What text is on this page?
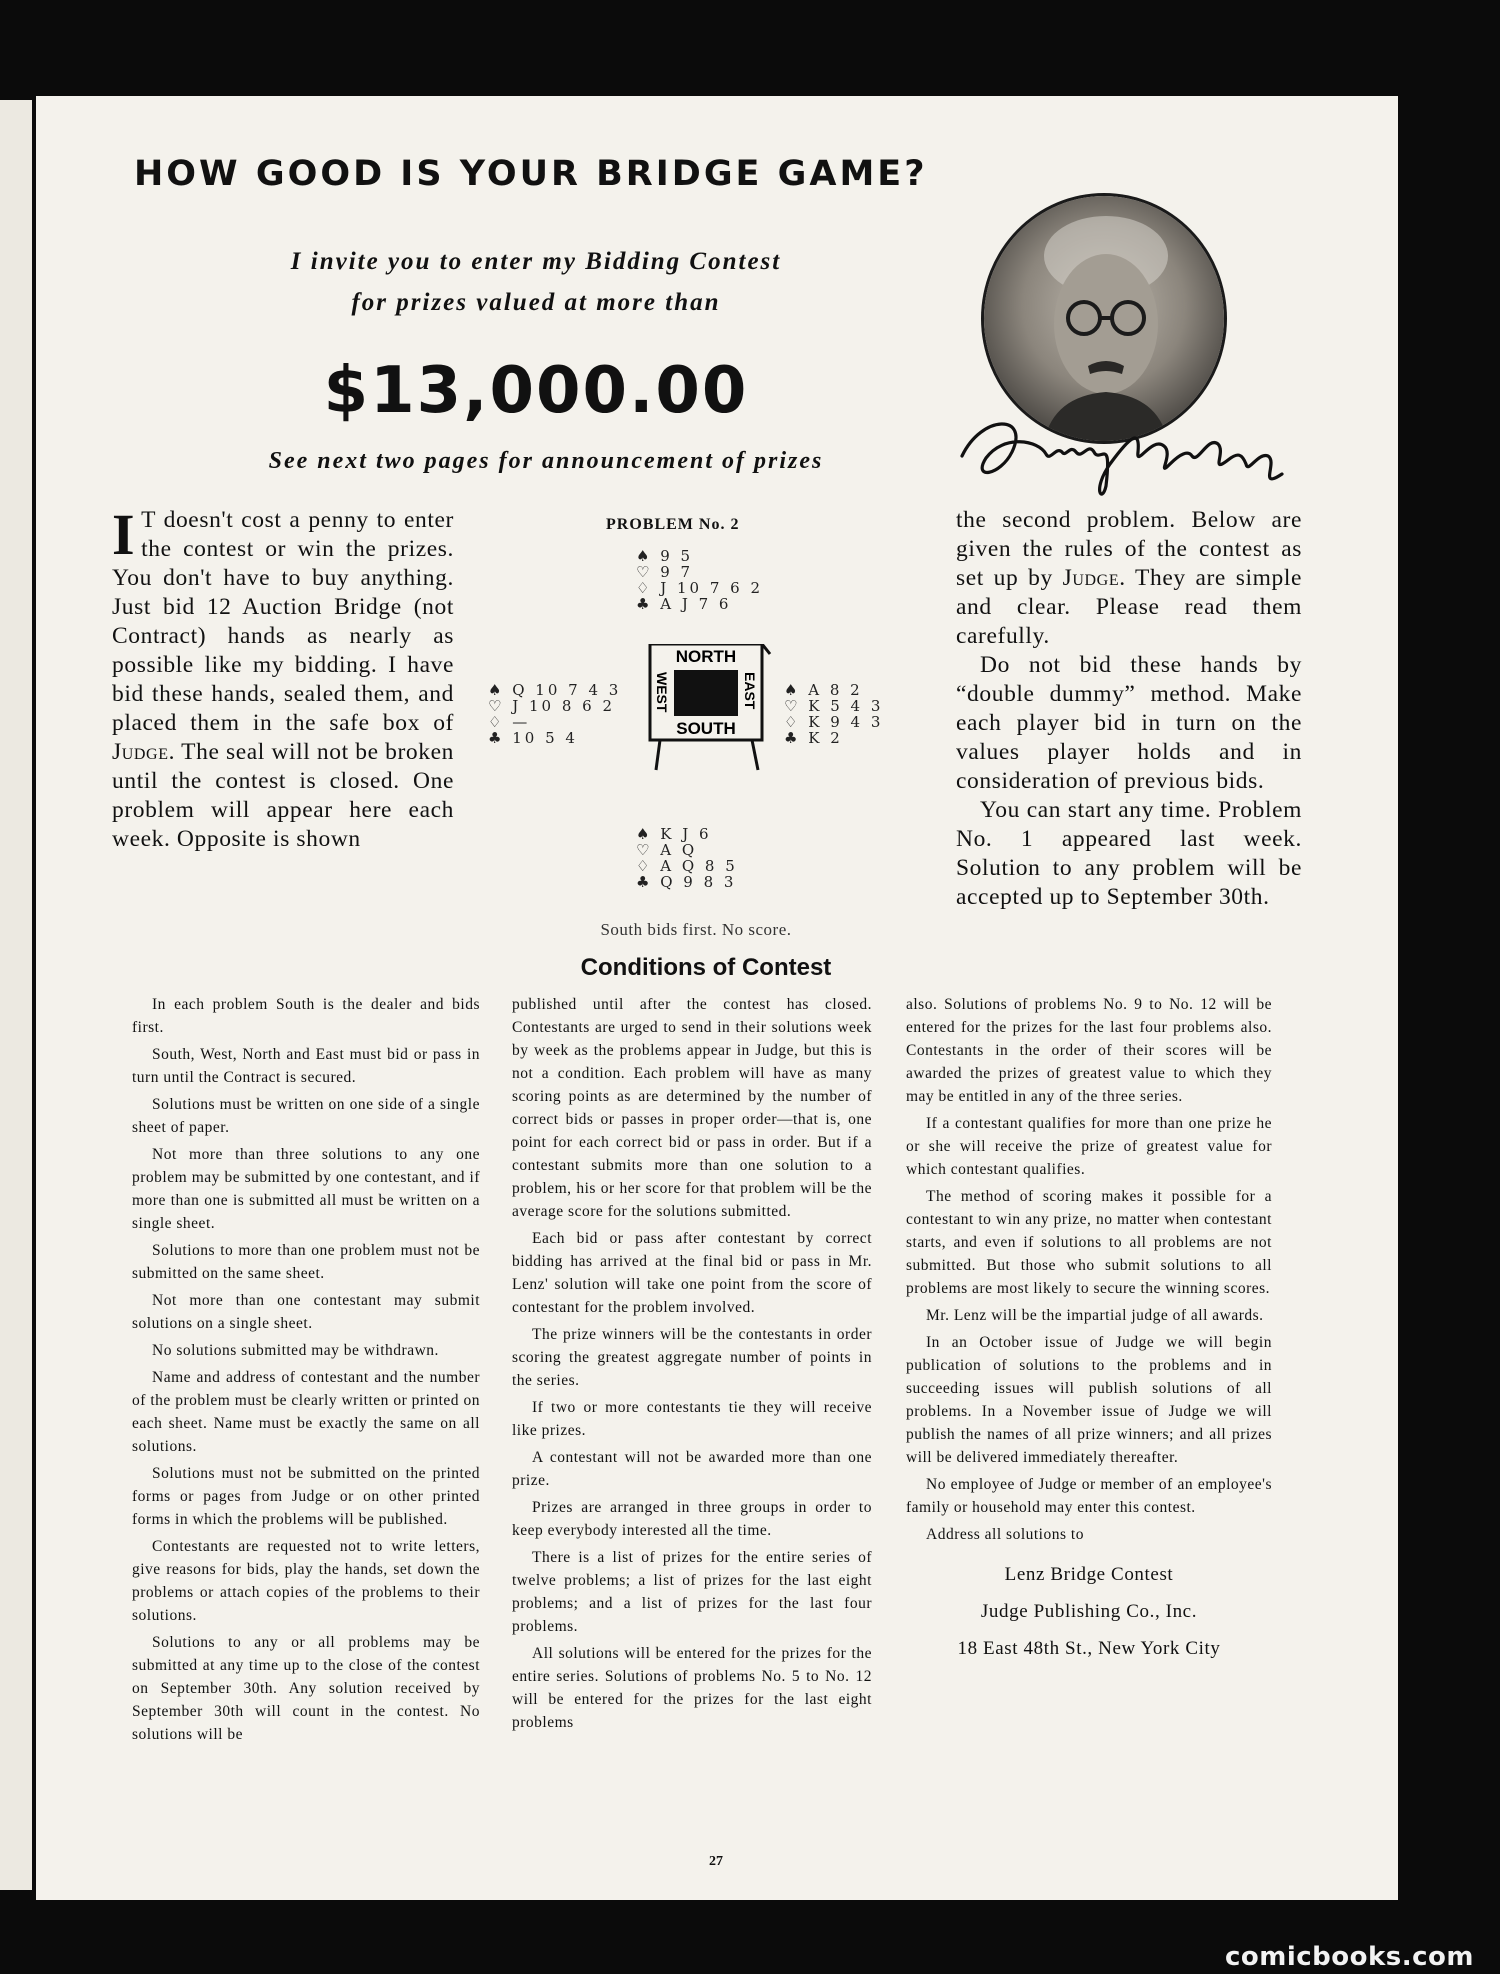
HOW GOOD IS YOUR BRIDGE GAME?
I invite you to enter my Bidding Contest
for prizes valued at more than
$13,000.00
See next two pages for announcement of prizes

I T doesn't cost a penny to enter the contest or win the prizes. You don't have to buy anything. Just bid 12 Auction Bridge (not Contract) hands as nearly as possible like my bidding. I have bid these hands, sealed them, and placed them in the safe box of Judge. The seal will not be broken until the contest is closed. One problem will appear here each week. Opposite is shown

PROBLEM No. 2
♠ 9 5
♡ 9 7
♢ J 10 7 6 2
♣ A J 7 6
♠ Q 10 7 4 3
♡ J 10 8 6 2
♢ —
♣ 10 5 4
♠ A 8 2
♡ K 5 4 3
♢ K 9 4 3
♣ K 2
NORTH
SOUTH
WEST	EAST
♠ K J 6
♡ A Q
♢ A Q 8 5
♣ Q 9 8 3
South bids first. No score.

the second problem. Below are given the rules of the contest as set up by Judge. They are simple and clear. Please read them carefully.

Do not bid these hands by “double dummy” method. Make each player bid in turn on the values player holds and in consideration of previous bids.

You can start any time. Problem No. 1 appeared last week. Solution to any problem will be accepted up to September 30th.

Conditions of Contest

In each problem South is the dealer and bids first.

South, West, North and East must bid or pass in turn until the Contract is secured.

Solutions must be written on one side of a single sheet of paper.

Not more than three solutions to any one problem may be submitted by one contestant, and if more than one is submitted all must be written on a single sheet.

Solutions to more than one problem must not be submitted on the same sheet.

Not more than one contestant may submit solutions on a single sheet.

No solutions submitted may be withdrawn.

Name and address of contestant and the number of the problem must be clearly written or printed on each sheet. Name must be exactly the same on all solutions.

Solutions must not be submitted on the printed forms or pages from Judge or on other printed forms in which the problems will be published.

Contestants are requested not to write letters, give reasons for bids, play the hands, set down the problems or attach copies of the problems to their solutions.

Solutions to any or all problems may be submitted at any time up to the close of the contest on September 30th. Any solution received by September 30th will count in the contest. No solutions will be

published until after the contest has closed. Contestants are urged to send in their solutions week by week as the problems appear in Judge, but this is not a condition. Each problem will have as many scoring points as are determined by the number of correct bids or passes in proper order—that is, one point for each correct bid or pass in order. But if a contestant submits more than one solution to a problem, his or her score for that problem will be the average score for the solutions submitted.

Each bid or pass after contestant by correct bidding has arrived at the final bid or pass in Mr. Lenz' solution will take one point from the score of contestant for the problem involved.

The prize winners will be the contestants in order scoring the greatest aggregate number of points in the series.

If two or more contestants tie they will receive like prizes.

A contestant will not be awarded more than one prize.

Prizes are arranged in three groups in order to keep everybody interested all the time.

There is a list of prizes for the entire series of twelve problems; a list of prizes for the last eight problems; and a list of prizes for the last four problems.

All solutions will be entered for the prizes for the entire series. Solutions of problems No. 5 to No. 12 will be entered for the prizes for the last eight problems

also. Solutions of problems No. 9 to No. 12 will be entered for the prizes for the last four problems also. Contestants in the order of their scores will be awarded the prizes of greatest value to which they may be entitled in any of the three series.

If a contestant qualifies for more than one prize he or she will receive the prize of greatest value for which contestant qualifies.

The method of scoring makes it possible for a contestant to win any prize, no matter when contestant starts, and even if solutions to all problems are not submitted. But those who submit solutions to all problems are most likely to secure the winning scores.

Mr. Lenz will be the impartial judge of all awards.

In an October issue of Judge we will begin publication of solutions to the problems and in succeeding issues will publish solutions of all problems. In a November issue of Judge we will publish the names of all prize winners; and all prizes will be delivered immediately thereafter.

No employee of Judge or member of an employee's family or household may enter this contest.

Address all solutions to

Lenz Bridge Contest
Judge Publishing Co., Inc.
18 East 48th St., New York City
27
comicbooks.com
